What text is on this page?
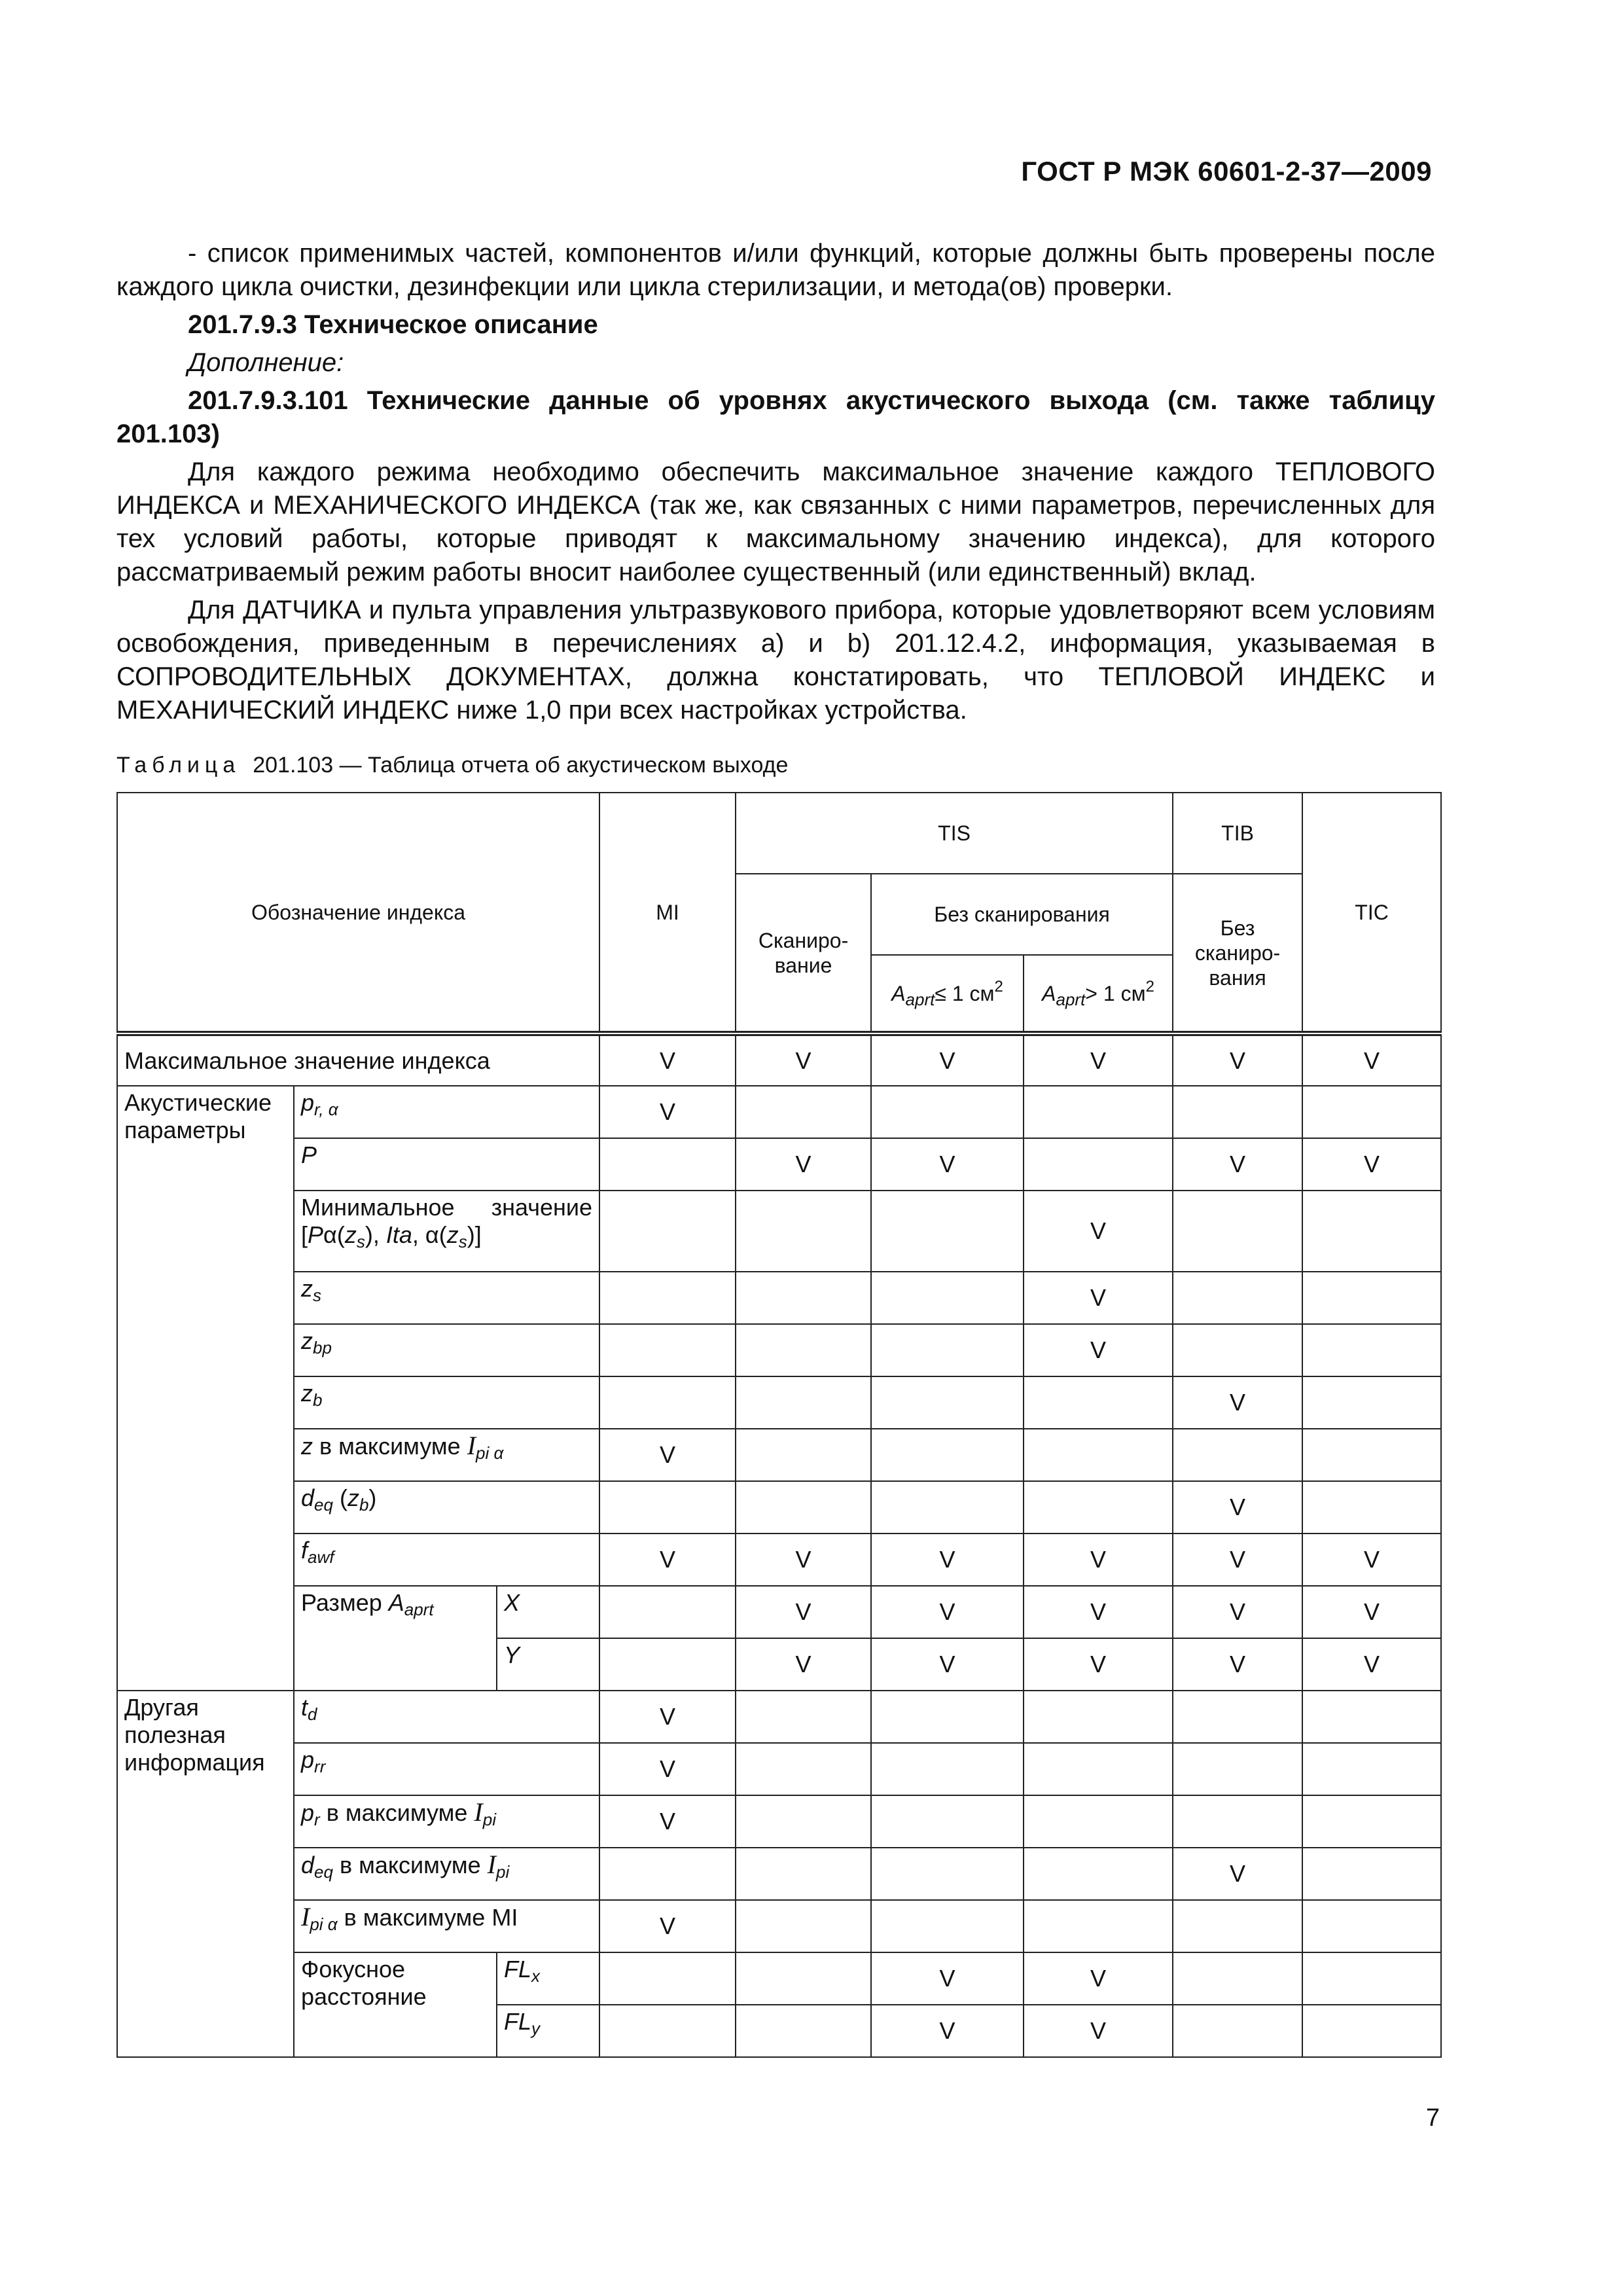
ГОСТ Р МЭК 60601-2-37—2009

- список применимых частей, компонентов и/или функций, которые должны быть проверены после каждого цикла очистки, дезинфекции или цикла стерилизации, и метода(ов) проверки.

201.7.9.3 Техническое описание

Дополнение:

201.7.9.3.101 Технические данные об уровнях акустического выхода (см. также таблицу 201.103)

Для каждого режима необходимо обеспечить максимальное значение каждого ТЕПЛОВОГО ИНДЕКСА и МЕХАНИЧЕСКОГО ИНДЕКСА (так же, как связанных с ними параметров, перечисленных для тех условий работы, которые приводят к максимальному значению индекса), для которого рассматриваемый режим работы вносит наиболее существенный (или единственный) вклад.

Для ДАТЧИКА и пульта управления ультразвукового прибора, которые удовлетворяют всем условиям освобождения, приведенным в перечислениях a) и b) 201.12.4.2, информация, указываемая в СОПРОВОДИТЕЛЬНЫХ ДОКУМЕНТАХ, должна констатировать, что ТЕПЛОВОЙ ИНДЕКС и МЕХАНИЧЕСКИЙ ИНДЕКС ниже 1,0 при всех настройках устройства.

Таблица 201.103 — Таблица отчета об акустическом выходе
Обозначение индекса			MI	TIS			TIB	TIC
				Сканиро-вание	Без сканирования		Без сканиро-вания	
					$A_{aprt}\le 1$ $см^2$	$A_{aprt}> 1$ $см^2$
Максимальное значение индекса			V	V	V	V	V	V
Акустические параметры	$p_{r, \alpha}$		V					
	P			V	V		V	V

	Минимальное значение
[$P\alpha(z_s)$, Ita, $\alpha(z_s)$]					V		
	$z_s$					V		
	$z_{bp}$					V		
	$z_b$						V	
	z в максимуме $I_{pi \alpha}$		V					
	$d_{eq}$ $(z_b)$						V	
	$f_{awf}$		V	V	V	V	V	V
	Размер $A_{aprt}$	X		V	V	V	V	V
		Y		V	V	V	V	V
Другая полезная информация	$t_d$		V					
	$p_{rr}$		V					
	$p_r$ в максимуме $I_{pi}$		V					
	$d_{eq}$ в максимуме $I_{pi}$						V	
	$I_{pi \alpha}$ в максимуме MI		V					
	Фокусное расстояние	$FL_x$			V	V		
		$FL_y$			V	V		
7
